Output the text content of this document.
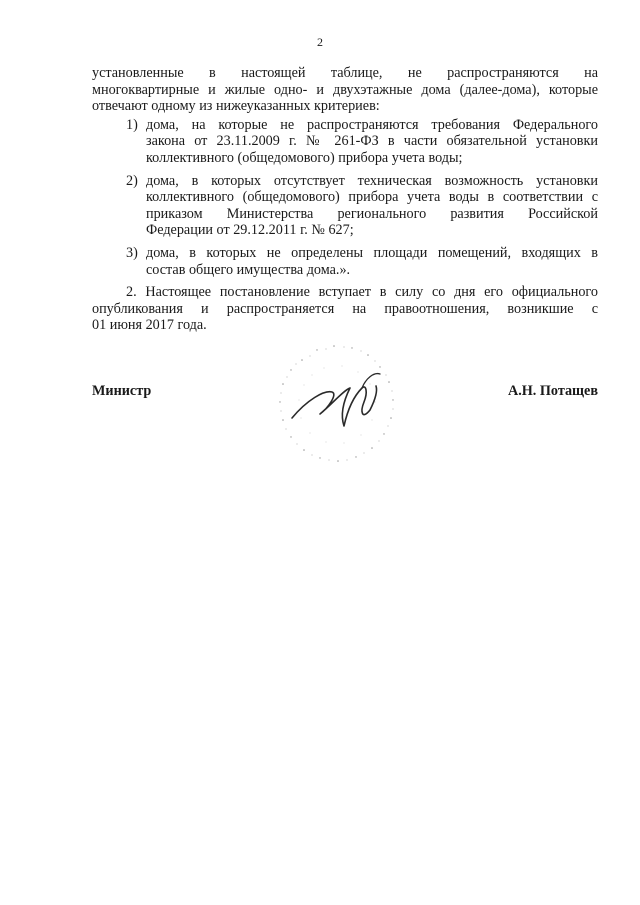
2
установленные в настоящей таблице, не распространяются на
многоквартирные и жилые одно- и двухэтажные дома (далее-дома), которые
отвечают одному из нижеуказанных критериев:
1) дома, на которые не распространяются требования Федерального
закона от 23.11.2009 г. № 261-ФЗ в части обязательной установки
коллективного (общедомового) прибора учета воды;
2) дома, в которых отсутствует техническая возможность установки
коллективного (общедомового) прибора учета воды в соответствии с
приказом Министерства регионального развития Российской
Федерации от 29.12.2011 г. № 627;
3) дома, в которых не определены площади помещений, входящих в
состав общего имущества дома.».
2. Настоящее постановление вступает в силу со дня его официального
опубликования и распространяется на правоотношения, возникшие с
01 июня 2017 года.
Министр	А.Н. Потащев
